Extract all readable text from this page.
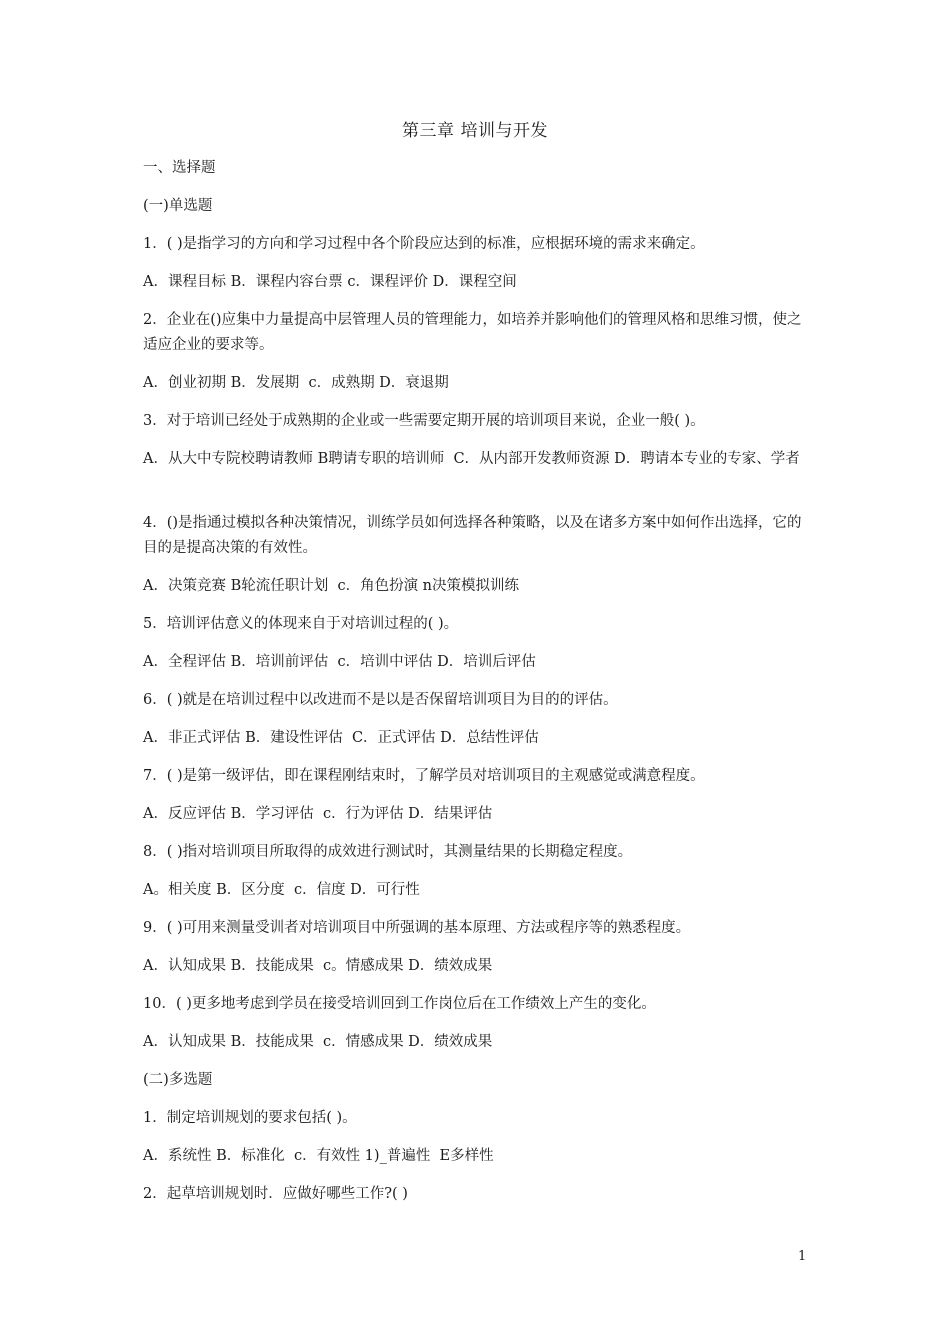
第三章 培训与开发
一、选择题
(一)单选题
1．( )是指学习的方向和学习过程中各个阶段应达到的标准，应根据环境的需求来确定。
A．课程目标 B．课程内容台票 c．课程评价 D．课程空间
2．企业在()应集中力量提高中层管理人员的管理能力，如培养并影响他们的管理风格和思维习惯，使之适应企业的要求等。
A．创业初期 B．发展期  c．成熟期 D．衰退期
3．对于培训已经处于成熟期的企业或一些需要定期开展的培训项目来说，企业一般( )。
A．从大中专院校聘请教师 B聘请专职的培训师  C．从内部开发教师资源 D．聘请本专业的专家、学者
4．()是指通过模拟各种决策情况，训练学员如何选择各种策略，以及在诸多方案中如何作出选择，它的目的是提高决策的有效性。
A．决策竞赛 B轮流任职计划  c．角色扮演 n决策模拟训练
5．培训评估意义的体现来自于对培训过程的( )。
A．全程评估 B．培训前评估  c．培训中评估 D．培训后评估
6．( )就是在培训过程中以改进而不是以是否保留培训项目为目的的评估。
A．非正式评估 B．建设性评估  C．正式评估 D．总结性评估
7．( )是第一级评估，即在课程刚结束时，了解学员对培训项目的主观感觉或满意程度。
A．反应评估 B．学习评估  c．行为评估 D．结果评估
8．( )指对培训项目所取得的成效进行测试时，其测量结果的长期稳定程度。
A。相关度 B．区分度  c．信度 D．可行性
9．( )可用来测量受训者对培训项目中所强调的基本原理、方法或程序等的熟悉程度。
A．认知成果 B．技能成果  c。情感成果 D．绩效成果
10．( )更多地考虑到学员在接受培训回到工作岗位后在工作绩效上产生的变化。
A．认知成果 B．技能成果  c．情感成果 D．绩效成果
(二)多选题
1．制定培训规划的要求包括( )。
A．系统性 B．标准化  c．有效性 1)_普遍性  E多样性
2．起草培训规划时．应做好哪些工作?( )
1
